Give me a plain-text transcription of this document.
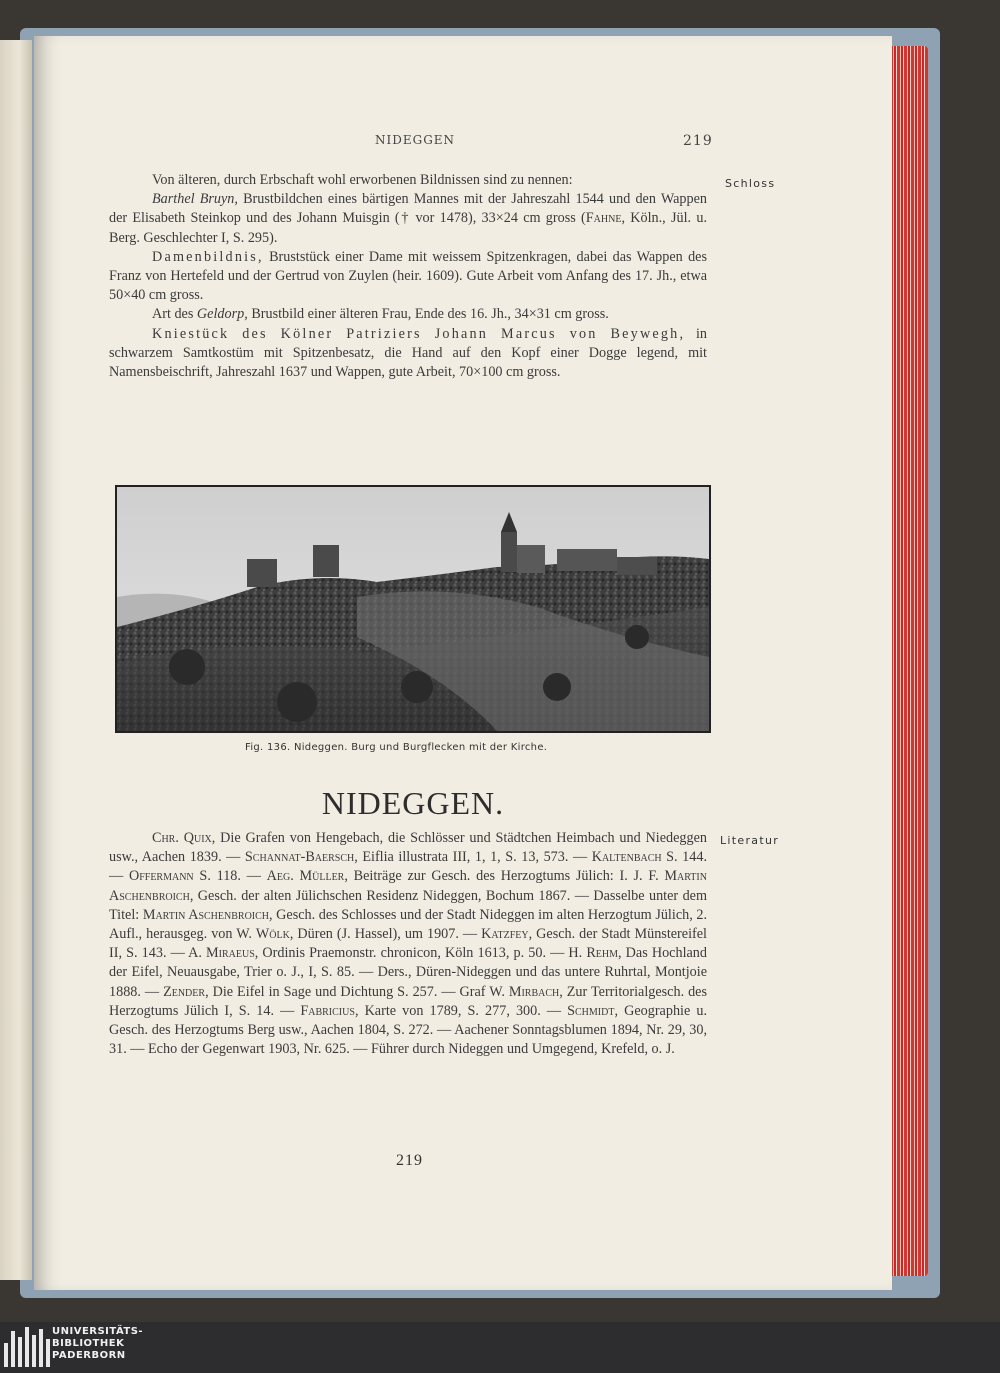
NIDEGGEN	219
Schloss

Von älteren, durch Erbschaft wohl erworbenen Bildnissen sind zu nennen:

Barthel Bruyn, Brustbildchen eines bärtigen Mannes mit der Jahreszahl 1544 und den Wappen der Elisabeth Steinkop und des Johann Muisgin († vor 1478), 33×24 cm gross (Fahne, Köln., Jül. u. Berg. Geschlechter I, S. 295).

Damenbildnis, Bruststück einer Dame mit weissem Spitzenkragen, dabei das Wappen des Franz von Hertefeld und der Gertrud von Zuylen (heir. 1609). Gute Arbeit vom Anfang des 17. Jh., etwa 50×40 cm gross.

Art des Geldorp, Brustbild einer älteren Frau, Ende des 16. Jh., 34×31 cm gross.

Kniestück des Kölner Patriziers Johann Marcus von Beywegh, in schwarzem Samtkostüm mit Spitzenbesatz, die Hand auf den Kopf einer Dogge legend, mit Namensbeischrift, Jahreszahl 1637 und Wappen, gute Arbeit, 70×100 cm gross.

Fig. 136. Nideggen. Burg und Burgflecken mit der Kirche.
NIDEGGEN.
Literatur

Chr. Quix, Die Grafen von Hengebach, die Schlösser und Städtchen Heimbach und Niedeggen usw., Aachen 1839. — Schannat-Baersch, Eiflia illustrata III, 1, 1, S. 13, 573. — Kaltenbach S. 144. — Offermann S. 118. — Aeg. Müller, Beiträge zur Gesch. des Herzogtums Jülich: I. J. F. Martin Aschenbroich, Gesch. der alten Jülichschen Residenz Nideggen, Bochum 1867. — Dasselbe unter dem Titel: Martin Aschenbroich, Gesch. des Schlosses und der Stadt Nideggen im alten Herzogtum Jülich, 2. Aufl., herausgeg. von W. Wölk, Düren (J. Hassel), um 1907. — Katzfey, Gesch. der Stadt Münstereifel II, S. 143. — A. Miraeus, Ordinis Praemonstr. chronicon, Köln 1613, p. 50. — H. Rehm, Das Hochland der Eifel, Neuausgabe, Trier o. J., I, S. 85. — Ders., Düren-Nideggen und das untere Ruhrtal, Montjoie 1888. — Zender, Die Eifel in Sage und Dichtung S. 257. — Graf W. Mirbach, Zur Territorialgesch. des Herzogtums Jülich I, S. 14. — Fabricius, Karte von 1789, S. 277, 300. — Schmidt, Geographie u. Gesch. des Herzogtums Berg usw., Aachen 1804, S. 272. — Aachener Sonntagsblumen 1894, Nr. 29, 30, 31. — Echo der Gegenwart 1903, Nr. 625. — Führer durch Nideggen und Umgegend, Krefeld, o. J.

219
UNIVERSITÄTS-
BIBLIOTHEK
PADERBORN
